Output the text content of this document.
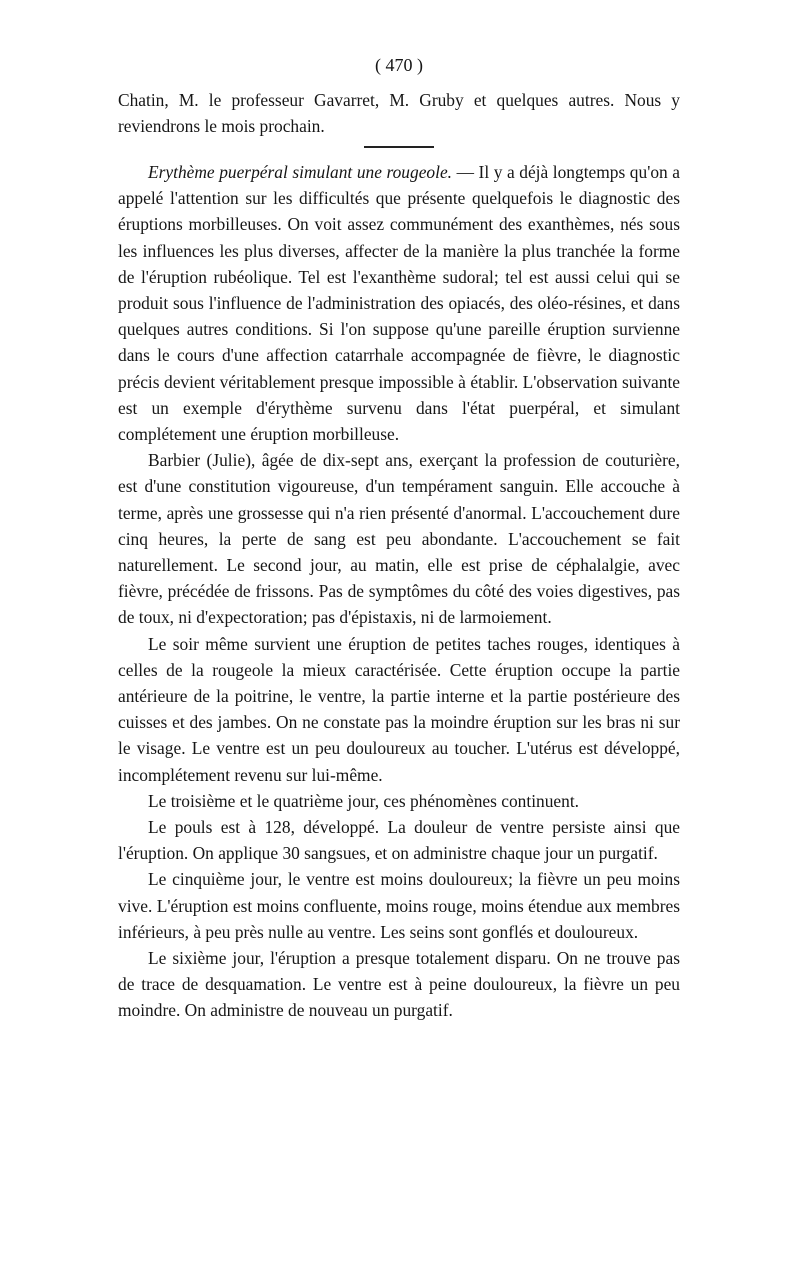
( 470 )

Chatin, M. le professeur Gavarret, M. Gruby et quelques autres. Nous y reviendrons le mois prochain.

Erythème puerpéral simulant une rougeole. — Il y a déjà longtemps qu'on a appelé l'attention sur les difficultés que présente quelquefois le diagnostic des éruptions morbilleuses. On voit assez communément des exanthèmes, nés sous les influences les plus diverses, affecter de la manière la plus tranchée la forme de l'éruption rubéolique. Tel est l'exanthème sudoral; tel est aussi celui qui se produit sous l'influence de l'administration des opiacés, des oléo-résines, et dans quelques autres conditions. Si l'on suppose qu'une pareille éruption survienne dans le cours d'une affection catarrhale accompagnée de fièvre, le diagnostic précis devient véritablement presque impossible à établir. L'observation suivante est un exemple d'érythème survenu dans l'état puerpéral, et simulant complétement une éruption morbilleuse.

Barbier (Julie), âgée de dix-sept ans, exerçant la profession de couturière, est d'une constitution vigoureuse, d'un tempérament sanguin. Elle accouche à terme, après une grossesse qui n'a rien présenté d'anormal. L'accouchement dure cinq heures, la perte de sang est peu abondante. L'accouchement se fait naturellement. Le second jour, au matin, elle est prise de céphalalgie, avec fièvre, précédée de frissons. Pas de symptômes du côté des voies digestives, pas de toux, ni d'expectoration; pas d'épistaxis, ni de larmoiement.

Le soir même survient une éruption de petites taches rouges, identiques à celles de la rougeole la mieux caractérisée. Cette éruption occupe la partie antérieure de la poitrine, le ventre, la partie interne et la partie postérieure des cuisses et des jambes. On ne constate pas la moindre éruption sur les bras ni sur le visage. Le ventre est un peu douloureux au toucher. L'utérus est développé, incomplétement revenu sur lui-même.

Le troisième et le quatrième jour, ces phénomènes continuent.

Le pouls est à 128, développé. La douleur de ventre persiste ainsi que l'éruption. On applique 30 sangsues, et on administre chaque jour un purgatif.

Le cinquième jour, le ventre est moins douloureux; la fièvre un peu moins vive. L'éruption est moins confluente, moins rouge, moins étendue aux membres inférieurs, à peu près nulle au ventre. Les seins sont gonflés et douloureux.

Le sixième jour, l'éruption a presque totalement disparu. On ne trouve pas de trace de desquamation. Le ventre est à peine douloureux, la fièvre un peu moindre. On administre de nouveau un purgatif.
